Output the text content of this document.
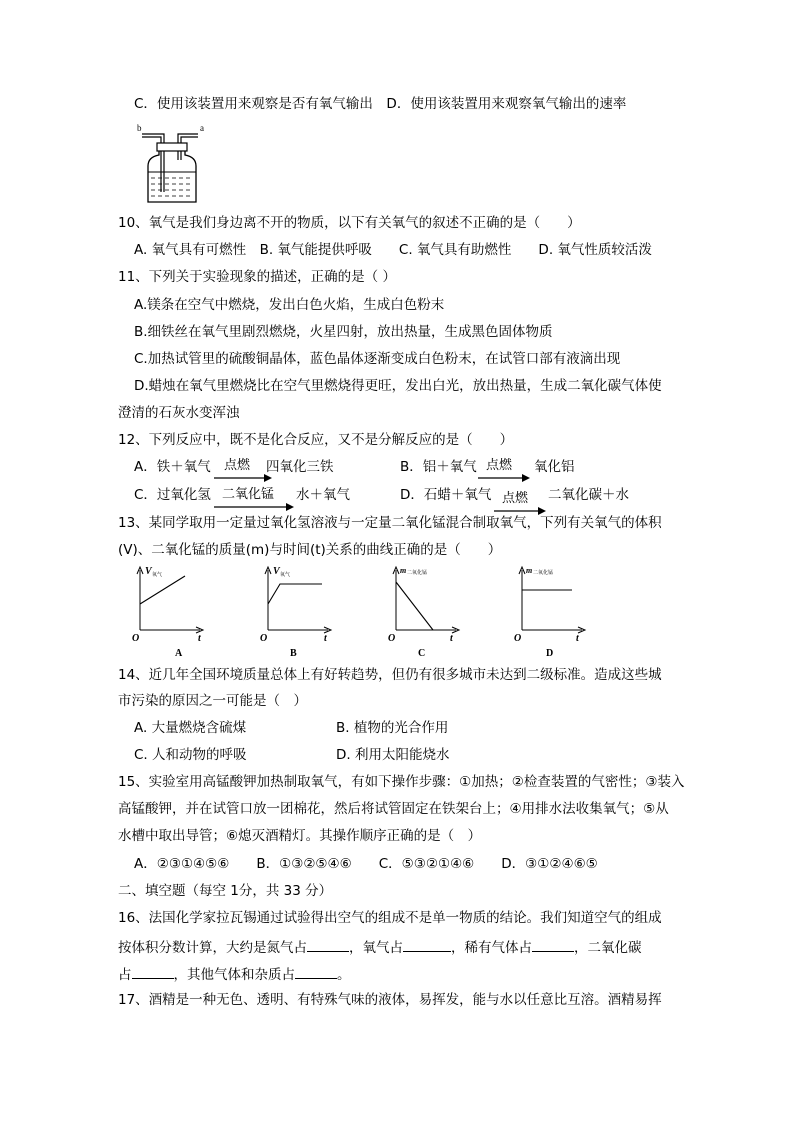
C．使用该装置用来观察是否有氧气输出　D．使用该装置用来观察氧气输出的速率
b	a
10、氧气是我们身边离不开的物质，以下有关氧气的叙述不正确的是（　　）
A. 氧气具有可燃性　B. 氧气能提供呼吸　　C. 氧气具有助燃性　　D. 氧气性质较活泼
11、下列关于实验现象的描述，正确的是（ ）
A.镁条在空气中燃烧，发出白色火焰，生成白色粉末
B.细铁丝在氧气里剧烈燃烧，火星四射，放出热量，生成黑色固体物质
C.加热试管里的硫酸铜晶体，蓝色晶体逐渐变成白色粉末，在试管口部有液滴出现
D.蜡烛在氧气里燃烧比在空气里燃烧得更旺，发出白光，放出热量，生成二氧化碳气体使
澄清的石灰水变浑浊
12、下列反应中，既不是化合反应，又不是分解反应的是（　　）
A．铁＋氧气 点燃 四氧化三铁	B．铝＋氧气 点燃 氧化铝
C．过氧化氢 二氧化锰 水＋氧气	D．石蜡＋氧气 点燃 二氧化碳＋水
13、某同学取用一定量过氧化氢溶液与一定量二氧化锰混合制取氧气，下列有关氧气的体积
(V)、二氧化锰的质量(m)与时间(t)关系的曲线正确的是（　　）
V 氧气
O	t
A
V 氧气
O	t
B
m 二氧化锰
O	t
C
m 二氧化锰
O	t
D
14、近几年全国环境质量总体上有好转趋势，但仍有很多城市未达到二级标准。造成这些城
市污染的原因之一可能是（　）
A. 大量燃烧含硫煤	B. 植物的光合作用
C. 人和动物的呼吸	D. 利用太阳能烧水
15、实验室用高锰酸钾加热制取氧气，有如下操作步骤：①加热；②检查装置的气密性；③装入
高锰酸钾，并在试管口放一团棉花，然后将试管固定在铁架台上；④用排水法收集氧气；⑤从
水槽中取出导管；⑥熄灭酒精灯。其操作顺序正确的是（　）
A．②③①④⑤⑥　　B．①③②⑤④⑥　　C．⑤③②①④⑥　　D．③①②④⑥⑤
二、填空题（每空 1分，共 33 分）
16、法国化学家拉瓦锡通过试验得出空气的组成不是单一物质的结论。我们知道空气的组成
按体积分数计算，大约是氮气占	，氧气占	，稀有气体占	，二氧化碳
占	，其他气体和杂质占	。
17、酒精是一种无色、透明、有特殊气味的液体，易挥发，能与水以任意比互溶。酒精易挥
